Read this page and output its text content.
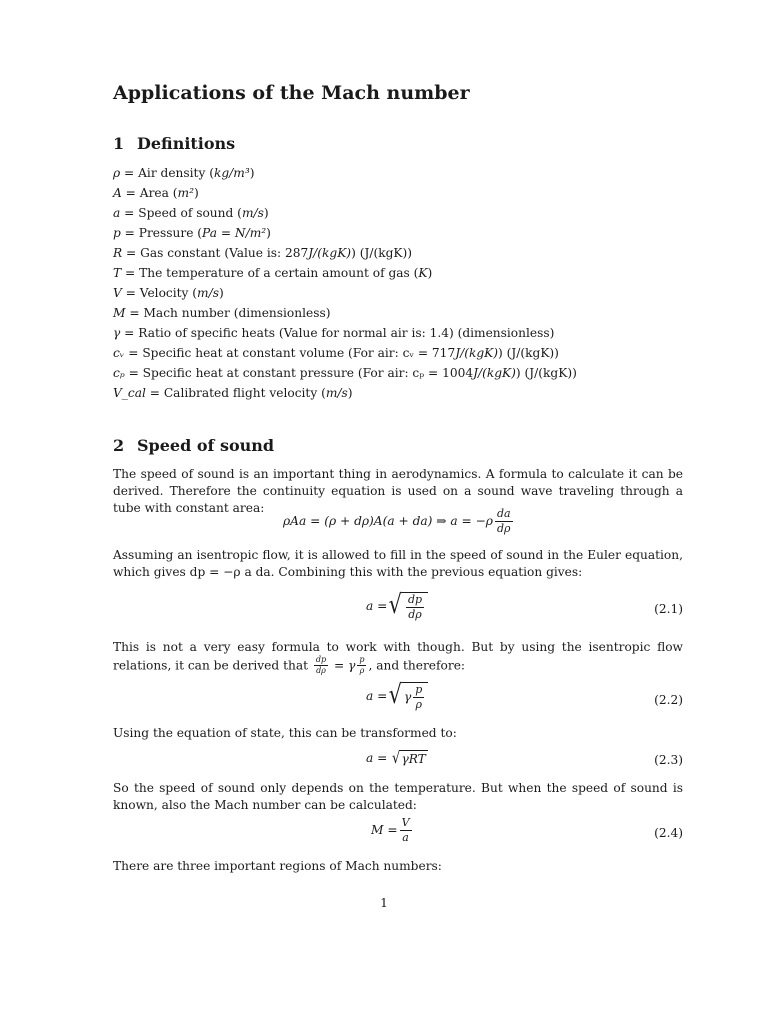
Applications of the Mach number
1 Definitions
ρ = Air density (kg/m³)
A = Area (m²)
a = Speed of sound (m/s)
p = Pressure (Pa = N/m²)
R = Gas constant (Value is: 287J/(kgK)) (J/(kgK))
T = The temperature of a certain amount of gas (K)
V = Velocity (m/s)
M = Mach number (dimensionless)
γ = Ratio of specific heats (Value for normal air is: 1.4) (dimensionless)
cᵥ = Specific heat at constant volume (For air: cᵥ = 717J/(kgK)) (J/(kgK))
cₚ = Specific heat at constant pressure (For air: cₚ = 1004J/(kgK)) (J/(kgK))
V_cal = Calibrated flight velocity (m/s)
2 Speed of sound

The speed of sound is an important thing in aerodynamics. A formula to calculate it can be derived. Therefore the continuity equation is used on a sound wave traveling through a tube with constant area:

ρAa = (ρ + dρ)A(a + da) ⇒ $a = -\rho \frac{da}{d\rho}$

Assuming an isentropic flow, it is allowed to fill in the speed of sound in the Euler equation, which gives dp = −ρ a da. Combining this with the previous equation gives:

a = √ $\frac{dp}{d\rho}$	(2.1)

This is not a very easy formula to work with though. But by using the isentropic flow relations, it can be derived that $\frac{dp}{d\rho} = \gamma \frac{p}{\rho}$ , and therefore:

a = √ γ $\frac{p}{\rho}$	(2.2)

Using the equation of state, this can be transformed to:

a =
√ γRT	(2.3)

So the speed of sound only depends on the temperature. But when the speed of sound is known, also the Mach number can be calculated:

$M = \frac{V}{a}$	(2.4)

There are three important regions of Mach numbers:

1
